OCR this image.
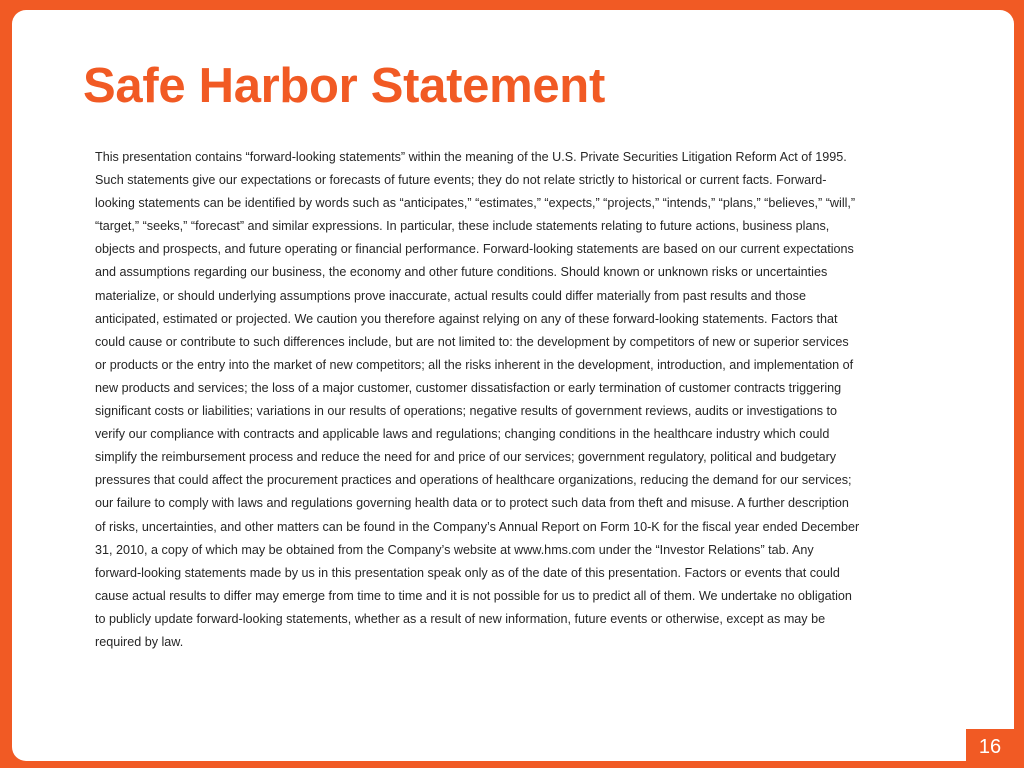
Safe Harbor Statement
This presentation contains “forward-looking statements” within the meaning of the U.S. Private Securities Litigation Reform Act of 1995.
Such statements give our expectations or forecasts of future events; they do not relate strictly to historical or current facts. Forward-
looking statements can be identified by words such as “anticipates,” “estimates,” “expects,” “projects,” “intends,” “plans,” “believes,” “will,”
“target,” “seeks,” “forecast” and similar expressions. In particular, these include statements relating to future actions, business plans,
objects and prospects, and future operating or financial performance. Forward-looking statements are based on our current expectations
and assumptions regarding our business, the economy and other future conditions. Should known or unknown risks or uncertainties
materialize, or should underlying assumptions prove inaccurate, actual results could differ materially from past results and those
anticipated, estimated or projected. We caution you therefore against relying on any of these forward-looking statements. Factors that
could cause or contribute to such differences include, but are not limited to: the development by competitors of new or superior services
or products or the entry into the market of new competitors; all the risks inherent in the development, introduction, and implementation of
new products and services; the loss of a major customer, customer dissatisfaction or early termination of customer contracts triggering
significant costs or liabilities; variations in our results of operations; negative results of government reviews, audits or investigations to
verify our compliance with contracts and applicable laws and regulations; changing conditions in the healthcare industry which could
simplify the reimbursement process and reduce the need for and price of our services; government regulatory, political and budgetary
pressures that could affect the procurement practices and operations of healthcare organizations, reducing the demand for our services;
our failure to comply with laws and regulations governing health data or to protect such data from theft and misuse. A further description
of risks, uncertainties, and other matters can be found in the Company’s Annual Report on Form 10-K for the fiscal year ended December
31, 2010, a copy of which may be obtained from the Company’s website at www.hms.com under the “Investor Relations” tab. Any
forward-looking statements made by us in this presentation speak only as of the date of this presentation. Factors or events that could
cause actual results to differ may emerge from time to time and it is not possible for us to predict all of them. We undertake no obligation
to publicly update forward-looking statements, whether as a result of new information, future events or otherwise, except as may be
required by law.
16
